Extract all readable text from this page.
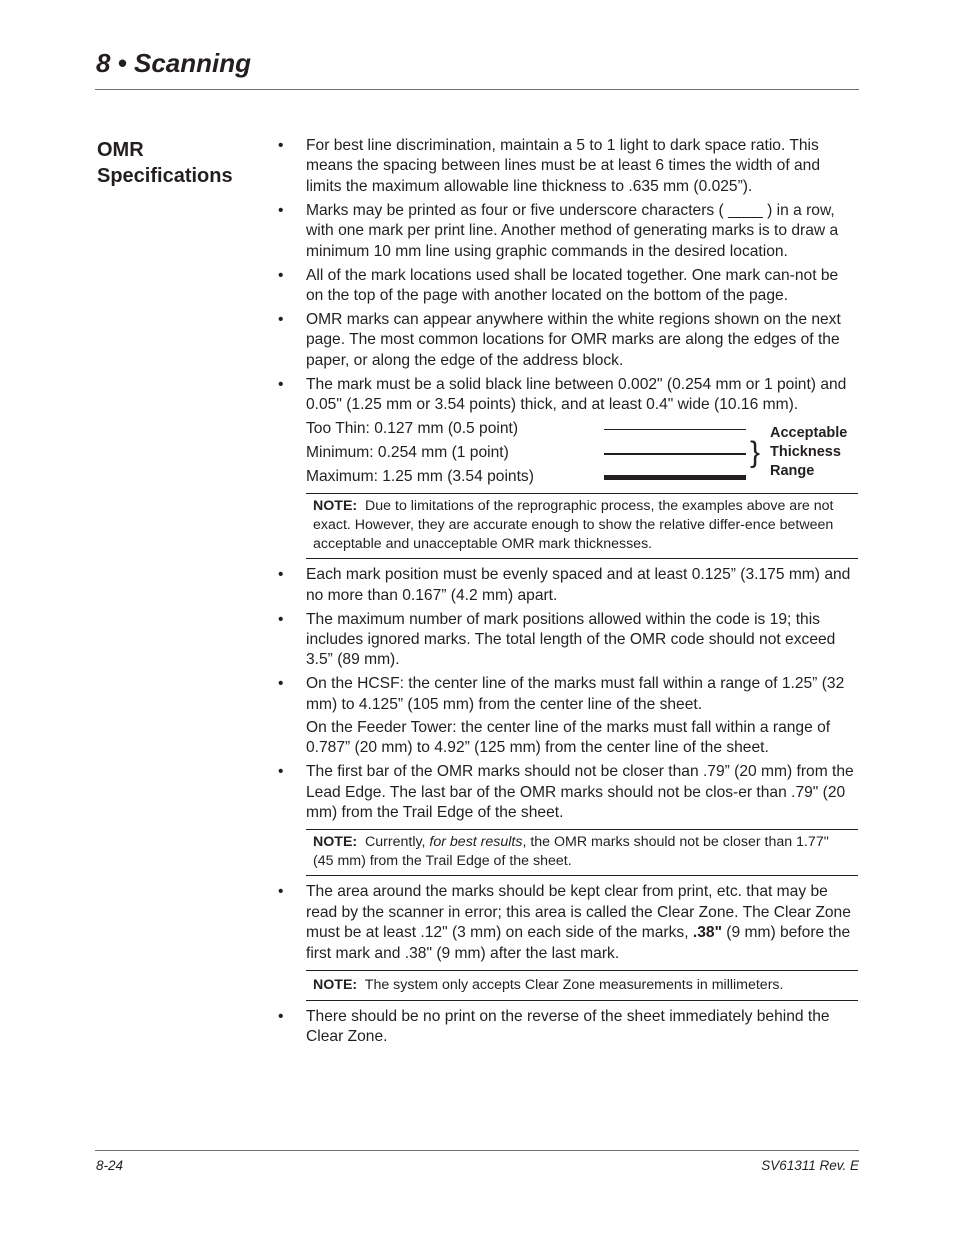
8 • Scanning
OMR
Specifications
• For best line discrimination, maintain a 5 to 1 light to dark space ratio. This means the spacing between lines must be at least 6 times the width of and limits the maximum allowable line thickness to .635 mm (0.025”).
• Marks may be printed as four or five underscore characters ( ____ ) in a row, with one mark per print line. Another method of generating marks is to draw a minimum 10 mm line using graphic commands in the desired location.
• All of the mark locations used shall be located together. One mark can-not be on the top of the page with another located on the bottom of the page.
• OMR marks can appear anywhere within the white regions shown on the next page. The most common locations for OMR marks are along the edges of the paper, or along the edge of the address block.
• The mark must be a solid black line between 0.002" (0.254 mm or 1 point) and 0.05" (1.25 mm or 3.54 points) thick, and at least 0.4" wide (10.16 mm).
Too Thin: 0.127 mm (0.5 point)
Minimum: 0.254 mm (1 point)
Maximum: 1.25 mm (3.54 points)
}
Acceptable
Thickness
Range
NOTE: Due to limitations of the reprographic process, the examples above are not exact. However, they are accurate enough to show the relative differ-ence between acceptable and unacceptable OMR mark thicknesses.
• Each mark position must be evenly spaced and at least 0.125” (3.175 mm) and no more than 0.167” (4.2 mm) apart.
• The maximum number of mark positions allowed within the code is 19; this includes ignored marks. The total length of the OMR code should not exceed 3.5” (89 mm).
• On the HCSF: the center line of the marks must fall within a range of 1.25” (32 mm) to 4.125” (105 mm) from the center line of the sheet.
On the Feeder Tower: the center line of the marks must fall within a range of 0.787” (20 mm) to 4.92” (125 mm) from the center line of the sheet.
• The first bar of the OMR marks should not be closer than .79” (20 mm) from the Lead Edge. The last bar of the OMR marks should not be clos-er than .79" (20 mm) from the Trail Edge of the sheet.
NOTE: Currently, for best results, the OMR marks should not be closer than 1.77" (45 mm) from the Trail Edge of the sheet.
• The area around the marks should be kept clear from print, etc. that may be read by the scanner in error; this area is called the Clear Zone. The Clear Zone must be at least .12" (3 mm) on each side of the marks, .38" (9 mm) before the first mark and .38" (9 mm) after the last mark.
NOTE: The system only accepts Clear Zone measurements in millimeters.
• There should be no print on the reverse of the sheet immediately behind the Clear Zone.
8-24	SV61311 Rev. E
